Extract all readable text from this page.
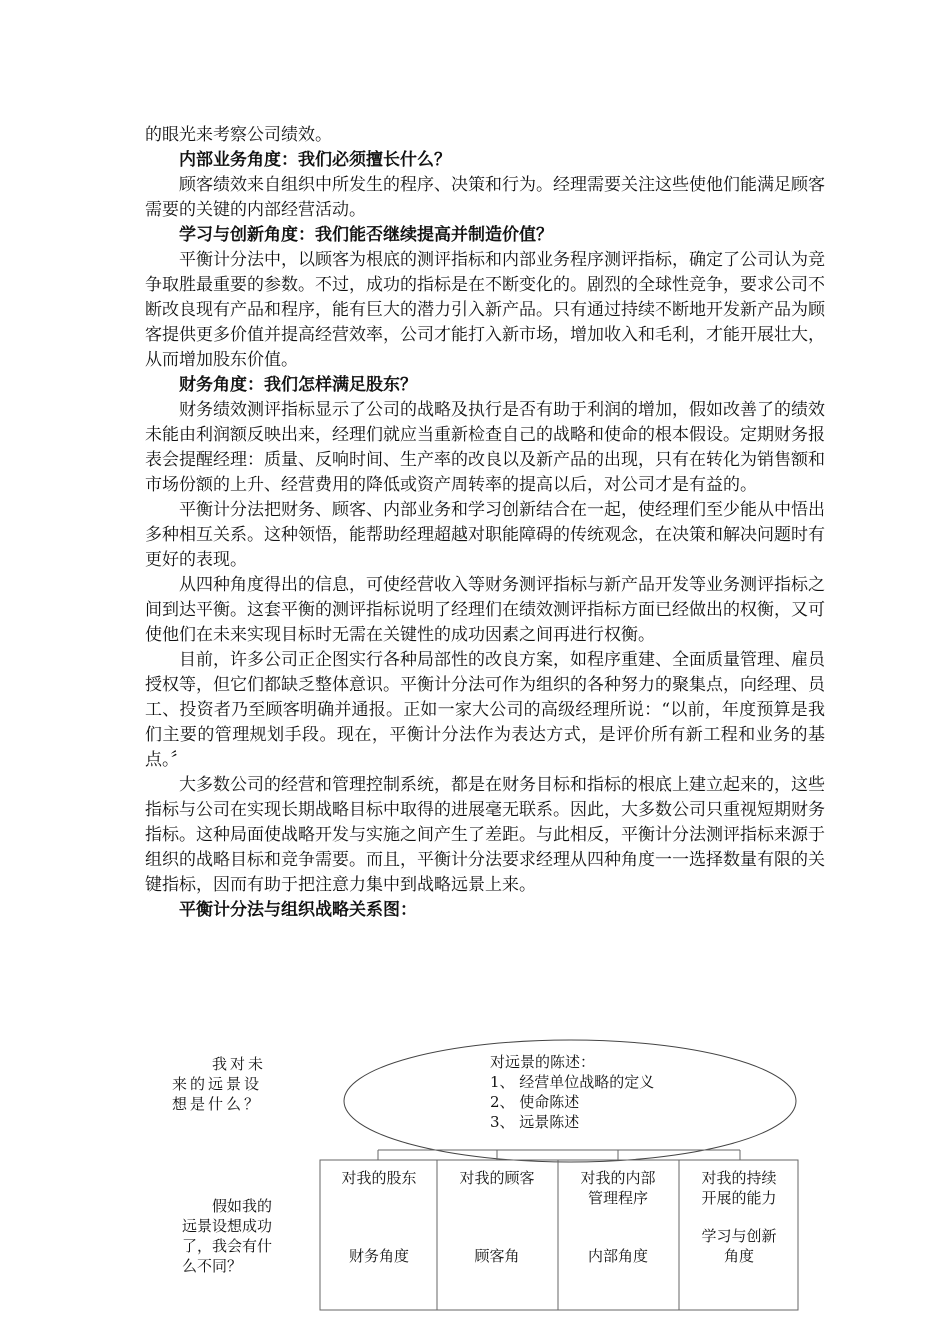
的眼光来考察公司绩效。

内部业务角度：我们必须擅长什么？

顾客绩效来自组织中所发生的程序、决策和行为。经理需要关注这些使他们能满足顾客需要的关键的内部经营活动。

学习与创新角度：我们能否继续提高并制造价值？

平衡计分法中，以顾客为根底的测评指标和内部业务程序测评指标，确定了公司认为竞争取胜最重要的参数。不过，成功的指标是在不断变化的。剧烈的全球性竞争，要求公司不断改良现有产品和程序，能有巨大的潜力引入新产品。只有通过持续不断地开发新产品为顾客提供更多价值并提高经营效率，公司才能打入新市场，增加收入和毛利，才能开展壮大，从而增加股东价值。

财务角度：我们怎样满足股东？

财务绩效测评指标显示了公司的战略及执行是否有助于利润的增加，假如改善了的绩效未能由利润额反映出来，经理们就应当重新检查自己的战略和使命的根本假设。定期财务报表会提醒经理：质量、反响时间、生产率的改良以及新产品的出现，只有在转化为销售额和市场份额的上升、经营费用的降低或资产周转率的提高以后，对公司才是有益的。

平衡计分法把财务、顾客、内部业务和学习创新结合在一起，使经理们至少能从中悟出多种相互关系。这种领悟，能帮助经理超越对职能障碍的传统观念，在决策和解决问题时有更好的表现。

从四种角度得出的信息，可使经营收入等财务测评指标与新产品开发等业务测评指标之间到达平衡。这套平衡的测评指标说明了经理们在绩效测评指标方面已经做出的权衡，又可使他们在未来实现目标时无需在关键性的成功因素之间再进行权衡。

目前，许多公司正企图实行各种局部性的改良方案，如程序重建、全面质量管理、雇员授权等，但它们都缺乏整体意识。平衡计分法可作为组织的各种努力的聚集点，向经理、员工、投资者乃至顾客明确并通报。正如一家大公司的高级经理所说：“以前，年度预算是我们主要的管理规划手段。现在，平衡计分法作为表达方式，是评价所有新工程和业务的基点。〞

大多数公司的经营和管理控制系统，都是在财务目标和指标的根底上建立起来的，这些指标与公司在实现长期战略目标中取得的进展毫无联系。因此，大多数公司只重视短期财务指标。这种局面使战略开发与实施之间产生了差距。与此相反，平衡计分法测评指标来源于组织的战略目标和竞争需要。而且，平衡计分法要求经理从四种角度一一选择数量有限的关键指标，因而有助于把注意力集中到战略远景上来。

平衡计分法与组织战略关系图：
我对未
来的远景设
想是什么？
对远景的陈述：
1、 经营单位战略的定义
2、 使命陈述
3、 远景陈述
假如我的
远景设想成功
了，我会有什
么不同？
对我的股东
财务角度
对我的顾客
顾客角
对我的内部
管理程序
内部角度
对我的持续
开展的能力
学习与创新
角度
